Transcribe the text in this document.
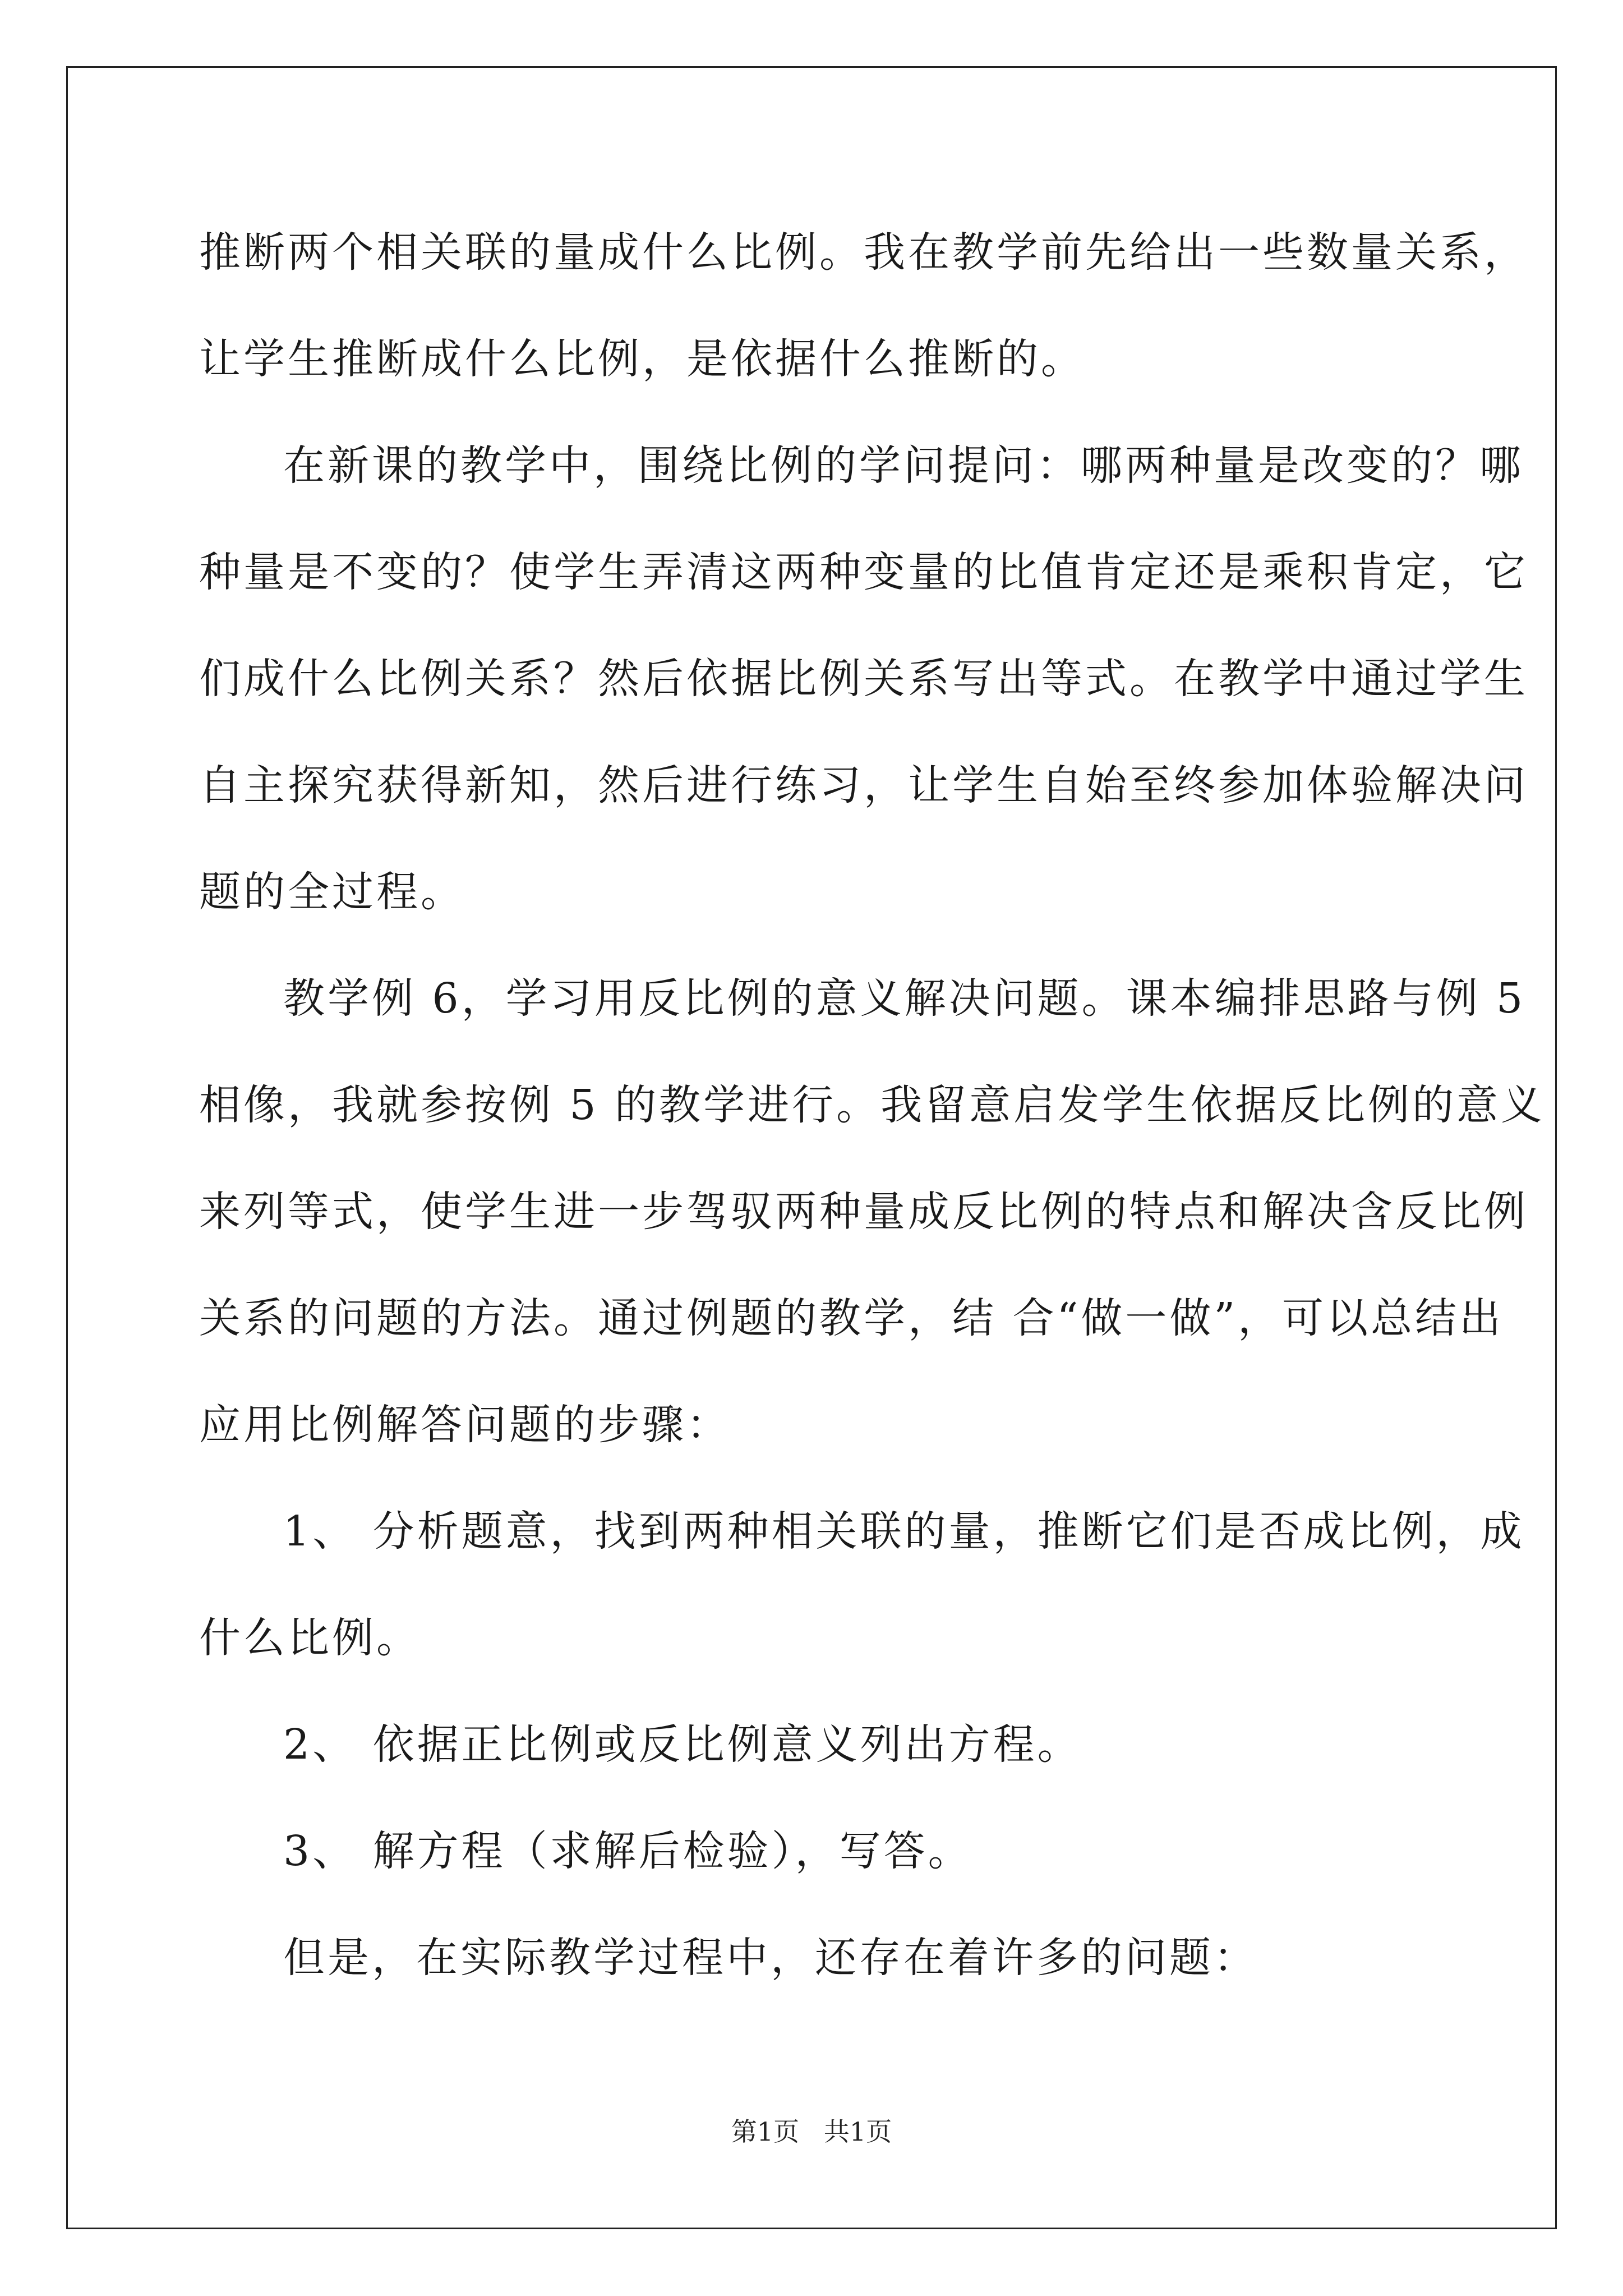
推断两个相关联的量成什么比例。我在教学前先给出一些数量关系，
让学生推断成什么比例，是依据什么推断的。
在新课的教学中，围绕比例的学问提问：哪两种量是改变的？哪
种量是不变的？使学生弄清这两种变量的比值肯定还是乘积肯定，它
们成什么比例关系？然后依据比例关系写出等式。在教学中通过学生
自主探究获得新知，然后进行练习，让学生自始至终参加体验解决问
题的全过程。
教学例 6，学习用反比例的意义解决问题。课本编排思路与例 5
相像，我就参按例 5 的教学进行。我留意启发学生依据反比例的意义
来列等式，使学生进一步驾驭两种量成反比例的特点和解决含反比例
关系的问题的方法。通过例题的教学，结 合“做一做”，可以总结出
应用比例解答问题的步骤：
1、 分析题意，找到两种相关联的量，推断它们是否成比例，成
什么比例。
2、 依据正比例或反比例意义列出方程。
3、 解方程（求解后检验），写答。
但是，在实际教学过程中，还存在着许多的问题：
第1页   共1页
